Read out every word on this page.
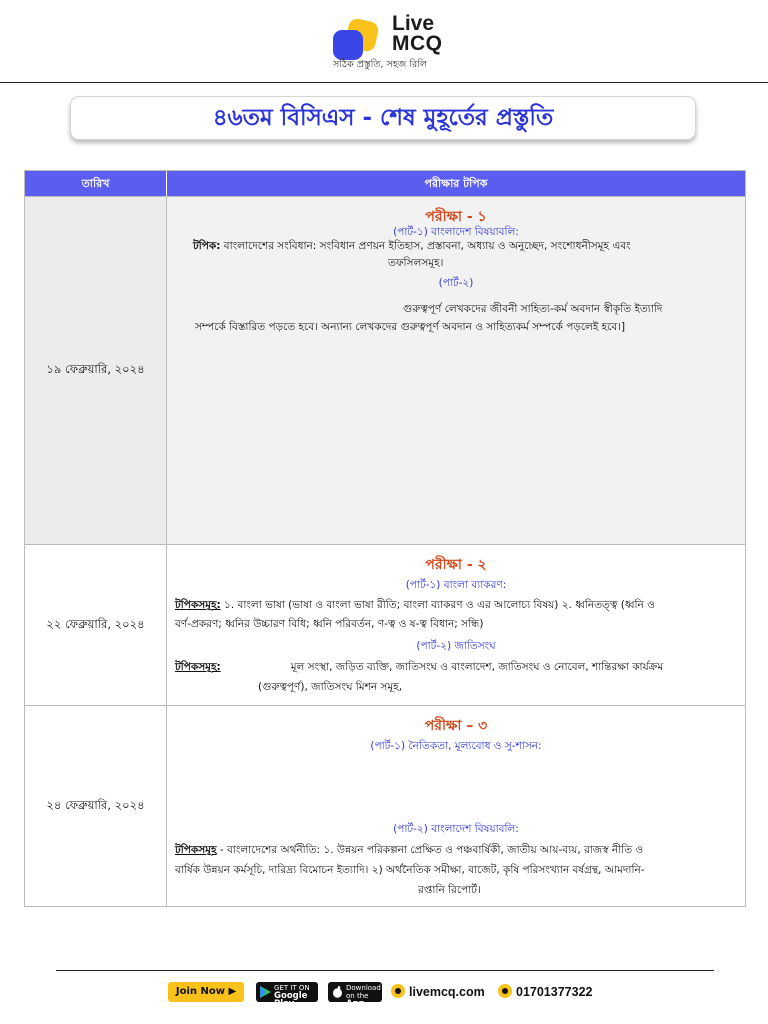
Live
MCQ
সঠিক প্রস্তুতি, সহজ রিলি
৪৬তম বিসিএস - শেষ মুহূর্তের প্রস্তুতি
তারিখ	পরীক্ষার টপিক
১৯ ফেব্রুয়ারি, ২০২৪
পরীক্ষা - ১
(পার্ট-১) বাংলাদেশ বিষয়াবলি:
টপিক: বাংলাদেশের সংবিধান: সংবিধান প্রণয়ন ইতিহাস, প্রস্তাবনা, অধ্যায় ও অনুচ্ছেদ, সংশোধনীসমূহ এবং
তফসিলসমূহ।
(পার্ট-২)
গুরুত্বপূর্ণ লেখকদের জীবনী সাহিত্য-কর্ম অবদান স্বীকৃতি ইত্যাদি
সম্পর্কে বিস্তারিত পড়তে হবে। অন্যান্য লেখকদের গুরুত্বপূর্ণ অবদান ও সাহিত্যকর্ম সম্পর্কে পড়লেই হবে।]
২২ ফেব্রুয়ারি, ২০২৪
পরীক্ষা - ২
(পার্ট-১) বাংলা ব্যাকরণ:
টপিকসমূহ: ১. বাংলা ভাষা (ভাষা ও বাংলা ভাষা রীতি; বাংলা ব্যাকরণ ও এর আলোচ্য বিষয়) ২. ধ্বনিতত্ত্ব (ধ্বনি ও
বর্ণ-প্রকরণ; ধ্বনির উচ্চারণ বিধি; ধ্বনি পরিবর্তন, ণ-ত্ব ও ষ-ত্ব বিধান; সন্ধি)
(পার্ট-২) জাতিসংঘ
টপিকসমূহ:	মূল সংস্থা, জড়িত ব্যক্তি, জাতিসংঘ ও বাংলাদেশ, জাতিসংঘ ও নোবেল, শান্তিরক্ষা কার্যক্রম
(গুরুত্বপূর্ণ), জাতিসংঘ মিশন সমূহ,
২৪ ফেব্রুয়ারি, ২০২৪
পরীক্ষা – ৩
(পার্ট-১) নৈতিকতা, মূল্যবোধ ও সু-শাসন:
(পার্ট-২) বাংলাদেশ বিষয়াবলি:
টপিকসমূহ - বাংলাদেশের অর্থনীতি: ১. উন্নয়ন পরিকল্পনা প্রেক্ষিত ও পঞ্চবার্ষিকী, জাতীয় আয়-ব্যয়, রাজস্ব নীতি ও
বার্ষিক উন্নয়ন কর্মসূচি, দারিদ্র্য বিমোচন ইত্যাদি। ২) অর্থনৈতিক সমীক্ষা, বাজেট, কৃষি পরিসংখ্যান বর্ষগ্রন্থ, আমদানি-
রপ্তানি রিপোর্ট।
Join Now ▶	GET IT ON
Google Play
Download on the
App Store
livemcq.com	01701377322
